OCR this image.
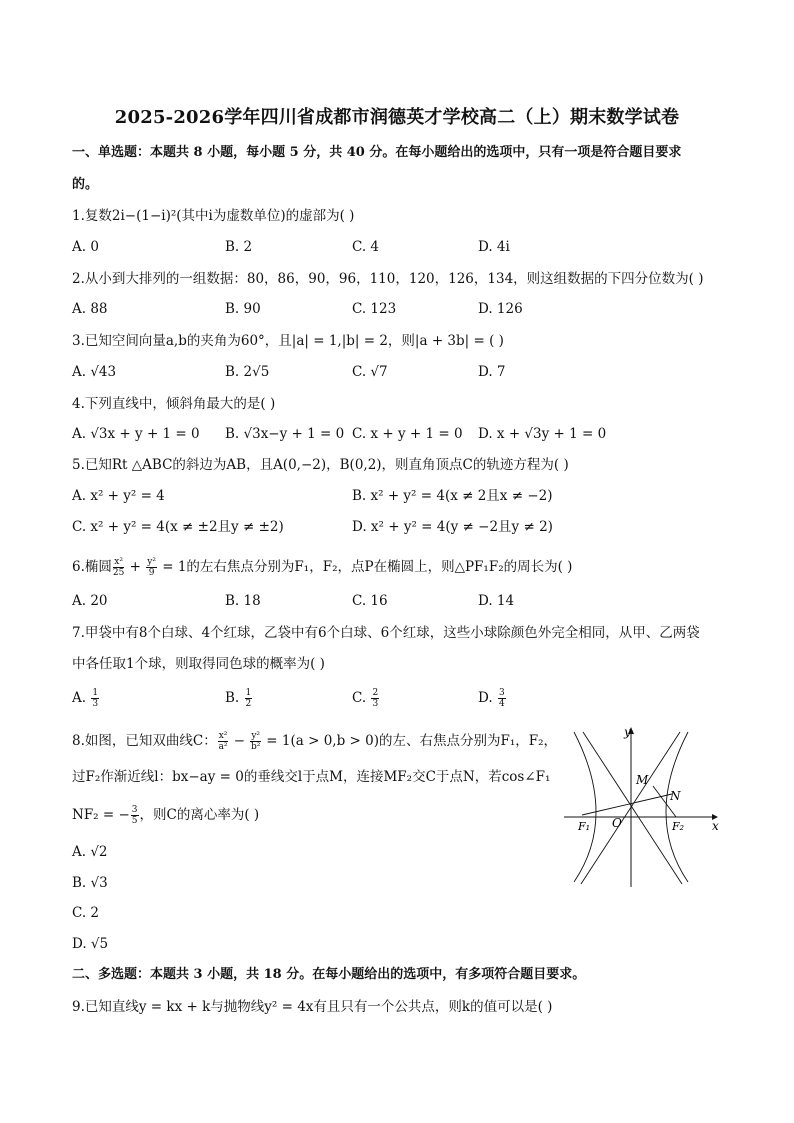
2025-2026学年四川省成都市润德英才学校高二（上）期末数学试卷
一、单选题：本题共 8 小题，每小题 5 分，共 40 分。在每小题给出的选项中，只有一项是符合题目要求
的。
1.复数2i−(1−i)²(其中i为虚数单位)的虚部为( )
A. 0	B. 2	C. 4	D. 4i
2.从小到大排列的一组数据：80，86，90，96，110，120，126，134，则这组数据的下四分位数为( )
A. 88	B. 90	C. 123	D. 126
3.已知空间向量a,b的夹角为60°，且|a| = 1,|b| = 2，则|a + 3b| = ( )
A. √43	B. 2√5	C. √7	D. 7
4.下列直线中，倾斜角最大的是( )
A. √3x + y + 1 = 0 B. √3x−y + 1 = 0 C. x + y + 1 = 0 D. x + √3y + 1 = 0
5.已知Rt △ABC的斜边为AB，且A(0,−2)，B(0,2)，则直角顶点C的轨迹方程为( )
A. x² + y² = 4	B. x² + y² = 4(x ≠ 2且x ≠ −2)
C. x² + y² = 4(x ≠ ±2且y ≠ ±2)	D. x² + y² = 4(y ≠ −2且y ≠ 2)
6.椭圆 $\frac{\text{x²}}{25} + \frac{\text{y²}}{9} = 1$的左右焦点分别为F₁，F₂，点P在椭圆上，则△PF₁F₂的周长为( )
A. 20	B. 18	C. 16	D. 14
7.甲袋中有8个白球、4个红球，乙袋中有6个白球、6个红球，这些小球除颜色外完全相同，从甲、乙两袋
中各任取1个球，则取得同色球的概率为( )
A. $\frac{1}{3}$	B. $\frac{1}{2}$	C. $\frac{2}{3}$	D. $\frac{3}{4}$
8.如图，已知双曲线C： $\frac{\text{x²}}{\text{a²}} - \frac{\text{y²}}{\text{b²}} = 1(a > 0,b > 0)$的左、右焦点分别为F₁，F₂，
过F₂作渐近线l：bx−ay = 0的垂线交l于点M，连接MF₂交C于点N，若cos∠F₁
NF₂ = − $\frac{3}{5}$ ，则C的离心率为( )
A. √2
B. √3
C. 2
D. √5
y
x
O
M
N
F₁	F₂
二、多选题：本题共 3 小题，共 18 分。在每小题给出的选项中，有多项符合题目要求。
9.已知直线y = kx + k与抛物线y² = 4x有且只有一个公共点，则k的值可以是( )
